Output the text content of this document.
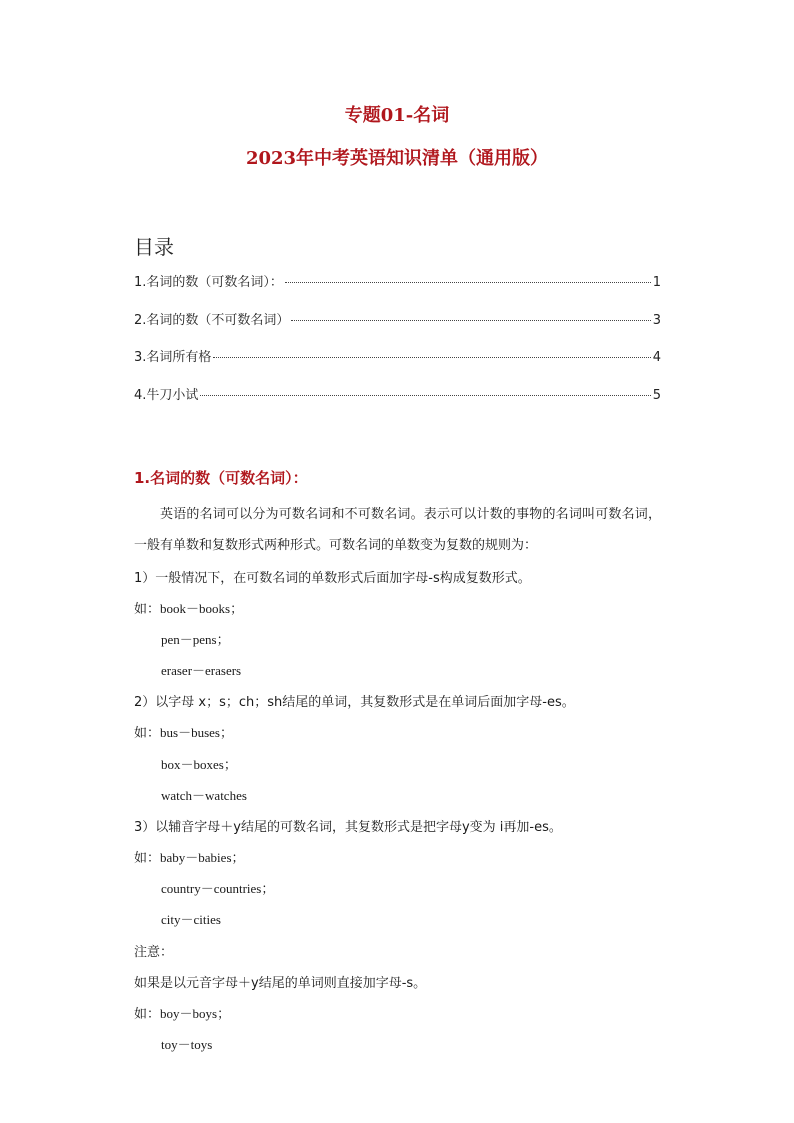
专题01-名词
2023年中考英语知识清单（通用版）
目录
1.名词的数（可数名词）：	1
2.名词的数（不可数名词）	3
3.名词所有格	4
4.牛刀小试	5
1.名词的数（可数名词）：
英语的名词可以分为可数名词和不可数名词。表示可以计数的事物的名词叫可数名词，一般有单数和复数形式两种形式。可数名词的单数变为复数的规则为：
1）一般情况下，在可数名词的单数形式后面加字母-s构成复数形式。
如：book－books；
pen－pens；
eraser－erasers
2）以字母 x；s；ch；sh结尾的单词，其复数形式是在单词后面加字母-es。
如：bus－buses；
box－boxes；
watch－watches
3）以辅音字母＋y结尾的可数名词，其复数形式是把字母y变为 i再加-es。
如：baby－babies；
country－countries；
city－cities
注意：
如果是以元音字母＋y结尾的单词则直接加字母-s。
如：boy－boys；
toy－toys
